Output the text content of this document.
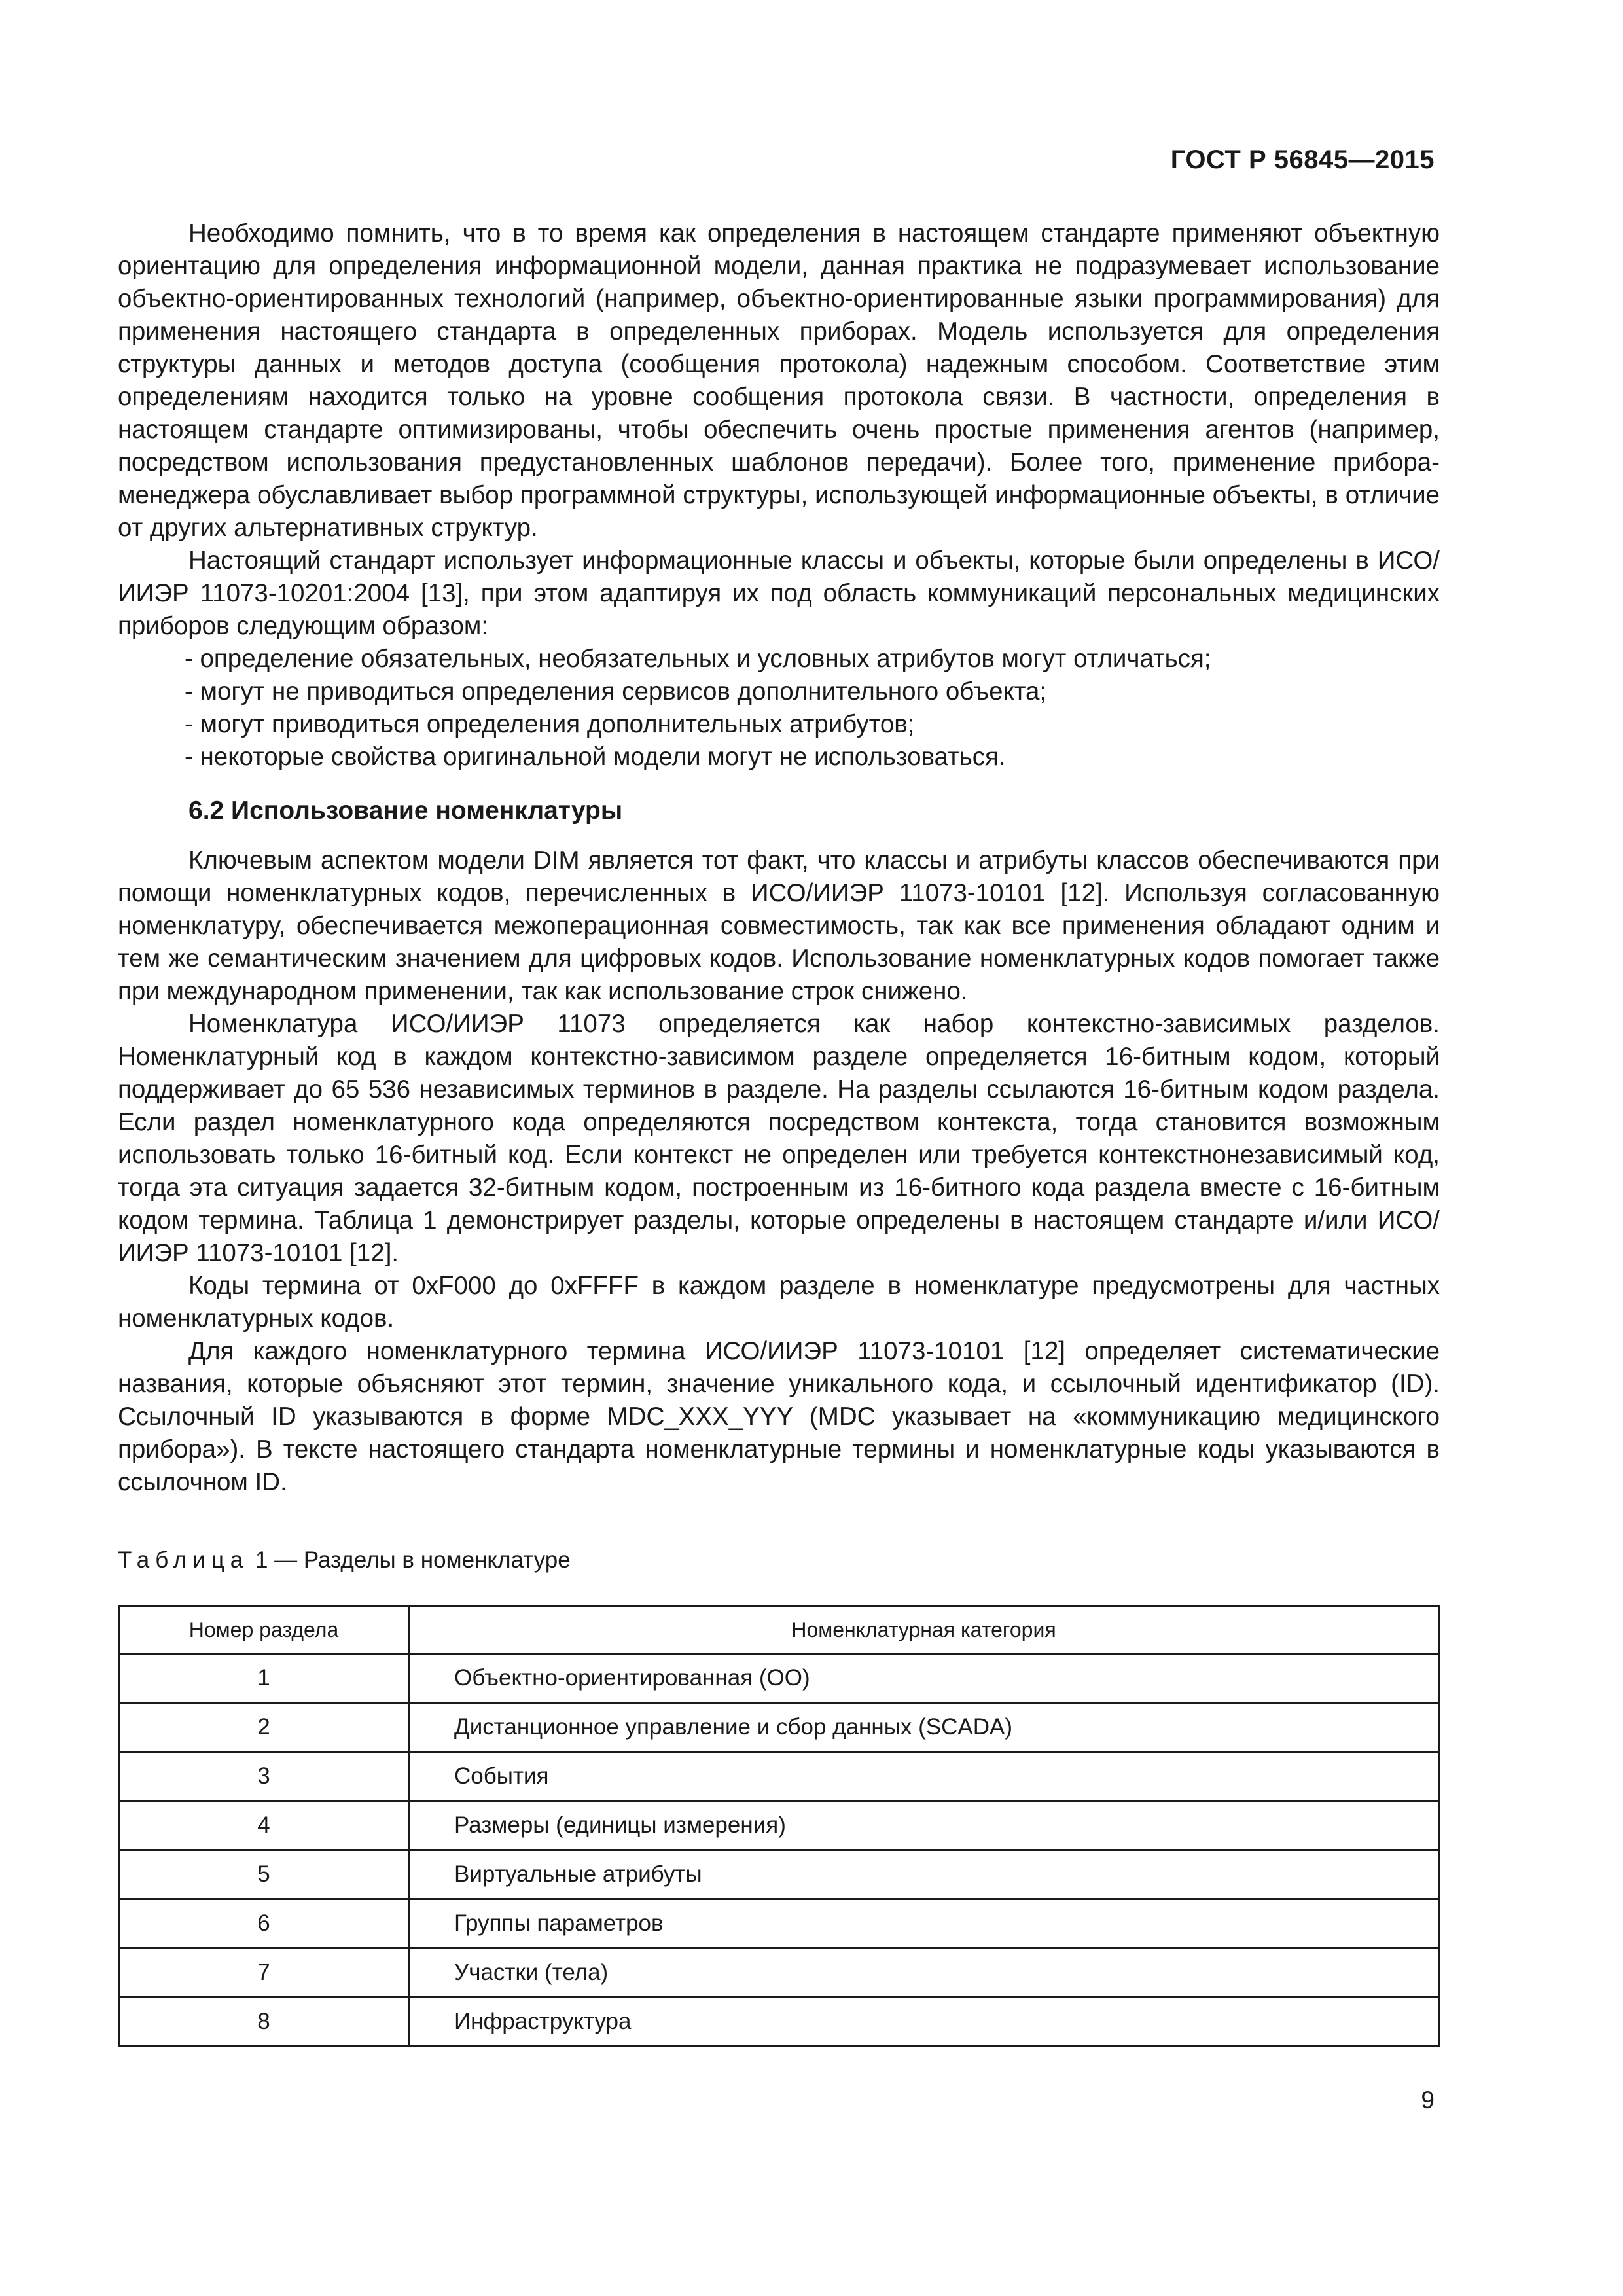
ГОСТ Р 56845—2015

Необходимо помнить, что в то время как определения в настоящем стандарте применяют объектную ориентацию для определения информационной модели, данная практика не подразумевает использование объектно-ориентированных технологий (например, объектно-ориентированные языки программирования) для применения настоящего стандарта в определенных приборах. Модель используется для определения структуры данных и методов доступа (сообщения протокола) надежным способом. Соответствие этим определениям находится только на уровне сообщения протокола связи. В частности, определения в настоящем стандарте оптимизированы, чтобы обеспечить очень простые применения агентов (например, посредством использования предустановленных шаблонов передачи). Более того, применение прибора-менеджера обуславливает выбор программной структуры, использующей информационные объекты, в отличие от других альтернативных структур.

Настоящий стандарт использует информационные классы и объекты, которые были определены в ИСО/ИИЭР 11073-10201:2004 [13], при этом адаптируя их под область коммуникаций персональных медицинских приборов следующим образом:

- определение обязательных, необязательных и условных атрибутов могут отличаться;
- могут не приводиться определения сервисов дополнительного объекта;
- могут приводиться определения дополнительных атрибутов;
- некоторые свойства оригинальной модели могут не использоваться.
6.2 Использование номенклатуры

Ключевым аспектом модели DIM является тот факт, что классы и атрибуты классов обеспечиваются при помощи номенклатурных кодов, перечисленных в ИСО/ИИЭР 11073-10101 [12]. Используя согласованную номенклатуру, обеспечивается межоперационная совместимость, так как все применения обладают одним и тем же семантическим значением для цифровых кодов. Использование номенклатурных кодов помогает также при международном применении, так как использование строк снижено.

Номенклатура ИСО/ИИЭР 11073 определяется как набор контекстно-зависимых разделов. Номенклатурный код в каждом контекстно-зависимом разделе определяется 16-битным кодом, который поддерживает до 65 536 независимых терминов в разделе. На разделы ссылаются 16-битным кодом раздела. Если раздел номенклатурного кода определяются посредством контекста, тогда становится возможным использовать только 16-битный код. Если контекст не определен или требуется контекстнонезависимый код, тогда эта ситуация задается 32-битным кодом, построенным из 16-битного кода раздела вместе с 16-битным кодом термина. Таблица 1 демонстрирует разделы, которые определены в настоящем стандарте и/или ИСО/ИИЭР 11073-10101 [12].

Коды термина от 0xF000 до 0xFFFF в каждом разделе в номенклатуре предусмотрены для частных номенклатурных кодов.

Для каждого номенклатурного термина ИСО/ИИЭР 11073-10101 [12] определяет систематические названия, которые объясняют этот термин, значение уникального кода, и ссылочный идентификатор (ID). Ссылочный ID указываются в форме MDC_XXX_YYY (MDC указывает на «коммуникацию медицинского прибора»). В тексте настоящего стандарта номенклатурные термины и номенклатурные коды указываются в ссылочном ID.

Таблица 1 — Разделы в номенклатуре
Номер раздела	Номенклатурная категория
1	Объектно-ориентированная (ОО)
2	Дистанционное управление и сбор данных (SCADA)
3	События
4	Размеры (единицы измерения)
5	Виртуальные атрибуты
6	Группы параметров
7	Участки (тела)
8	Инфраструктура
9
